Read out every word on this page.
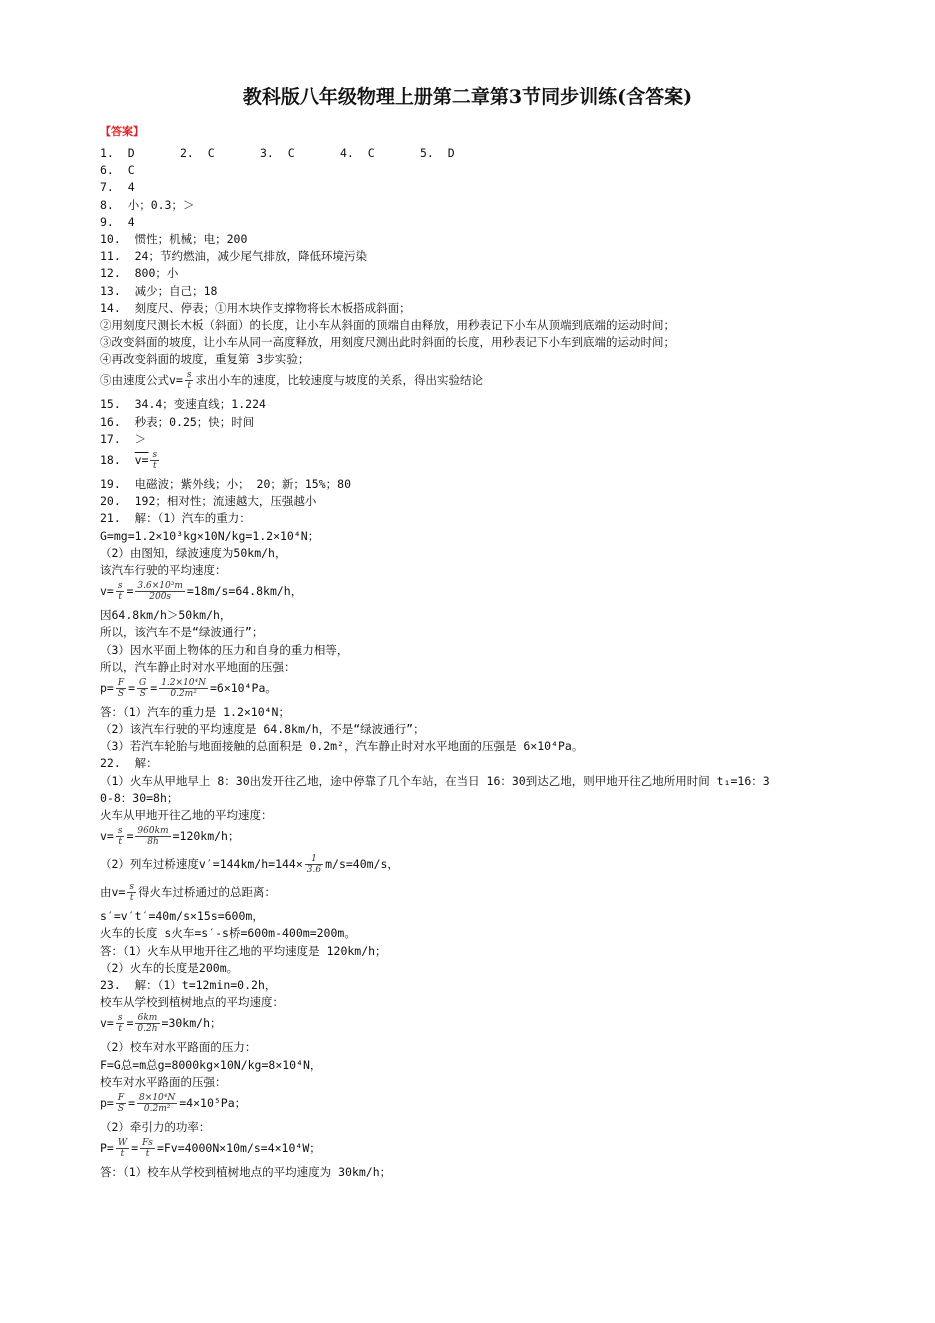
教科版八年级物理上册第二章第3节同步训练(含答案)
【答案】
1.  D	2.  C	3.  C	4.  C	5.  D
6.  C
7.  4
8.  小；0.3；＞
9.  4
10.  惯性；机械；电；200
11.  24；节约燃油，减少尾气排放，降低环境污染
12.  800；小
13.  减少；自己；18
14.  刻度尺、停表；①用木块作支撑物将长木板搭成斜面；
②用刻度尺测长木板（斜面）的长度，让小车从斜面的顶端自由释放，用秒表记下小车从顶端到底端的运动时间；
③改变斜面的坡度，让小车从同一高度释放，用刻度尺测出此时斜面的长度，用秒表记下小车到底端的运动时间；
④再改变斜面的坡度，重复第 3步实验；
⑤由速度公式$v= \frac{s}{t}$ 求出小车的速度，比较速度与坡度的关系，得出实验结论
15.  34.4；变速直线；1.224
16.  秒表；0.25；快；时间
17.  ＞
18.  $v= \frac{s}{t}$
19.  电磁波；紫外线；小； 20；新；15%；80
20.  192；相对性；流速越大，压强越小
21.  解：（1）汽车的重力：
G=mg=1.2×10³kg×10N/kg=1.2×10⁴N；
（2）由图知，绿波速度为50km/h，
该汽车行驶的平均速度：
$v= \frac{s}{t} = \frac{\text{3.6×10³m}}{200s} =18m/s=64.8km/h$，
因64.8km/h＞50km/h，
所以，该汽车不是“绿波通行”；
（3）因水平面上物体的压力和自身的重力相等，
所以，汽车静止时对水平地面的压强：
$p= \frac{F}{S} = \frac{G}{S} = \frac{\text{1.2×10⁴N}}{\text{0.2m²}} =6\times 10^4Pa$。
答：（1）汽车的重力是 1.2×10⁴N；
（2）该汽车行驶的平均速度是 64.8km/h，不是“绿波通行”；
（3）若汽车轮胎与地面接触的总面积是 0.2m²，汽车静止时对水平地面的压强是 6×10⁴Pa。
22.  解：
（1）火车从甲地早上 8：30出发开往乙地，途中停靠了几个车站，在当日 16：30到达乙地，则甲地开往乙地所用时间 t₁=16：3
0-8：30=8h；
火车从甲地开往乙地的平均速度：
$v= \frac{s}{t} = \frac{960km}{8h} =120km/h$；
（2）列车过桥速度$v'=144km/h=144\times \frac{1}{3.6} m/s=40m/s$，
由$v= \frac{s}{t}$ 得火车过桥通过的总距离：
s′=v′t′=40m/s×15s=600m，
火车的长度 s火车=s′-s桥=600m-400m=200m。
答：（1）火车从甲地开往乙地的平均速度是 120km/h；
（2）火车的长度是200m。
23.  解：（1）t=12min=0.2h，
校车从学校到植树地点的平均速度：
$v= \frac{s}{t} = \frac{6km}{0.2h} =30km/h$；
（2）校车对水平路面的压力：
F=G总=m总g=8000kg×10N/kg=8×10⁴N，
校车对水平路面的压强：
$p= \frac{F}{S} = \frac{\text{8×10⁴N}}{\text{0.2m²}} =4\times 10^5Pa$；
（2）牵引力的功率：
$P= \frac{W}{t} = \frac{Fs}{t} =Fv=4000N\times 10m/s=4\times 10^4W$；
答：（1）校车从学校到植树地点的平均速度为 30km/h；
